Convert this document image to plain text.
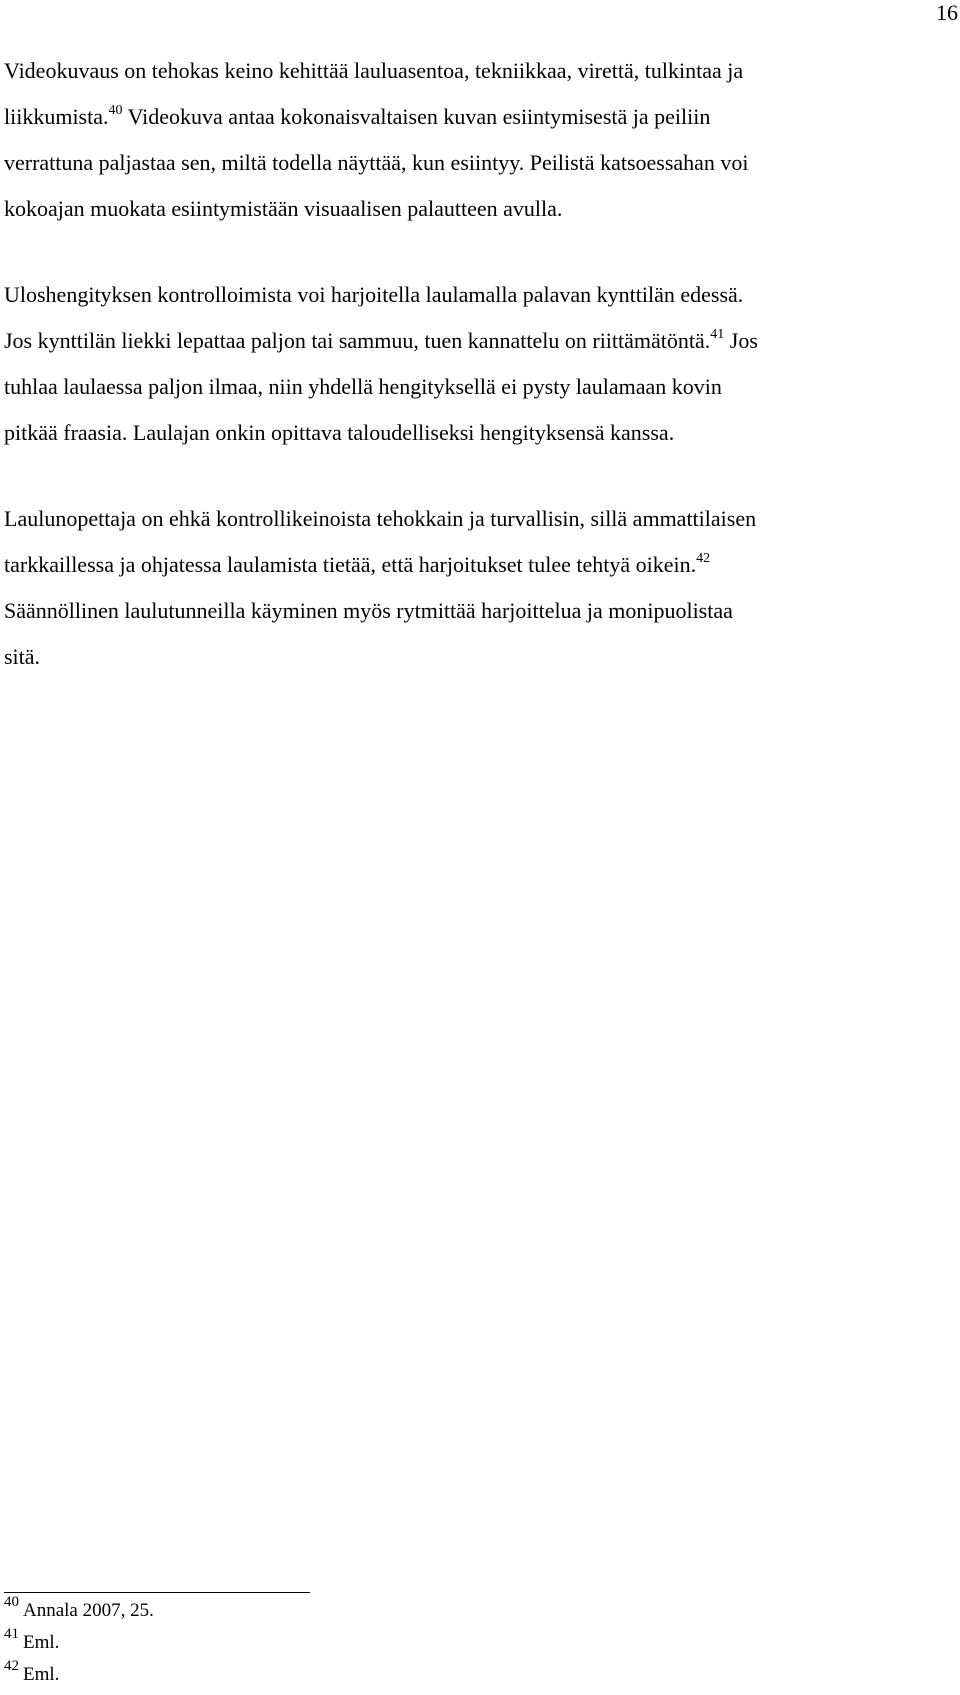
16

Videokuvaus on tehokas keino kehittää lauluasentoa, tekniikkaa, virettä, tulkintaa ja
liikkumista.$^{40}$ Videokuva antaa kokonaisvaltaisen kuvan esiintymisestä ja peiliin
verrattuna paljastaa sen, miltä todella näyttää, kun esiintyy. Peilistä katsoessahan voi
kokoajan muokata esiintymistään visuaalisen palautteen avulla.

Uloshengityksen kontrolloimista voi harjoitella laulamalla palavan kynttilän edessä.
Jos kynttilän liekki lepattaa paljon tai sammuu, tuen kannattelu on riittämätöntä.$^{41}$ Jos
tuhlaa laulaessa paljon ilmaa, niin yhdellä hengityksellä ei pysty laulamaan kovin
pitkää fraasia. Laulajan onkin opittava taloudelliseksi hengityksensä kanssa.

Laulunopettaja on ehkä kontrollikeinoista tehokkain ja turvallisin, sillä ammattilaisen
tarkkaillessa ja ohjatessa laulamista tietää, että harjoitukset tulee tehtyä oikein.$^{42}$
Säännöllinen laulutunneilla käyminen myös rytmittää harjoittelua ja monipuolistaa
sitä.

$^{40}$ Annala 2007, 25.
$^{41}$ Eml.
$^{42}$ Eml.
